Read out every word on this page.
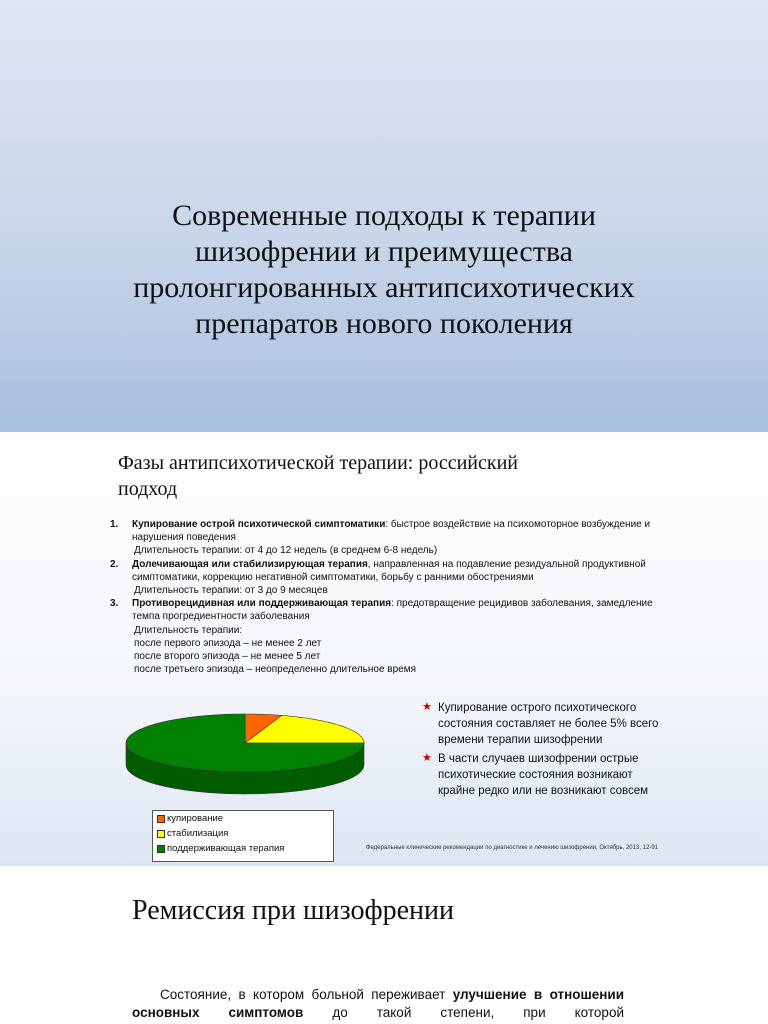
Современные подходы к терапии
шизофрении и преимущества
пролонгированных антипсихотических
препаратов нового поколения
Фазы антипсихотической терапии: российский
подход
1. Купирование острой психотической симптоматики: быстрое воздействие на психомоторное возбуждение и нарушения поведения
Длительность терапии: от 4 до 12 недель (в среднем 6-8 недель)
2. Долечивающая или стабилизирующая терапия, направленная на подавление резидуальной продуктивной симптоматики, коррекцию негативной симптоматики, борьбу с ранними обострениями
Длительность терапии: от 3 до 9 месяцев
3. Противорецидивная или поддерживающая терапия: предотвращение рецидивов заболевания, замедление темпа прогредиентности заболевания
Длительность терапии:
после первого эпизода – не менее 2 лет
после второго эпизода – не менее 5 лет
после третьего эпизода – неопределенно длительное время
купирование
стабилизация
поддерживающая терапия
★ Купирование острого психотического состояния составляет не более 5% всего времени терапии шизофрении
★ В части случаев шизофрении острые психотические состояния возникают крайне редко или не возникают совсем
Федеральные клинические рекомендации по диагностике и лечению шизофрении, Октябрь, 2013, 12-91
Ремиссия при шизофрении
Состояние, в котором больной переживает улучшение в отношении основных симптомов до такой степени, при которой
